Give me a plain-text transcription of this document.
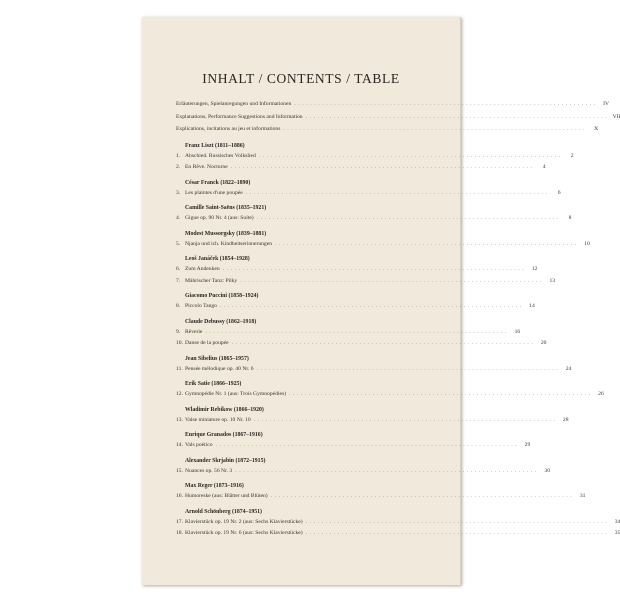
INHALT / CONTENTS / TABLE
Erläuterungen, Spielanregungen und Informationen . . . . . . . . . . . . . . . . . . . . . . . . . . . . . . . . . . . . . . . . . . . . . . . . . . . . . . . . . . . . . . . . . . . . . . . . . . . .	IV
Explanations, Performance Suggestions and Information . . . . . . . . . . . . . . . . . . . . . . . . . . . . . . . . . . . . . . . . . . . . . . . . . . . . . . . . . . . . . . . . . . . . . . . . . . . . VII
Explications, incitations au jeu et informations . . . . . . . . . . . . . . . . . . . . . . . . . . . . . . . . . . . . . . . . . . . . . . . . . . . . . . . . . . . . . . . . . . . . . . . . . . . .	X
Franz Liszt (1811–1886)
1. Abschied. Russisches Volkslied . . . . . . . . . . . . . . . . . . . . . . . . . . . . . . . . . . . . . . . . . . . . . . . . . . . . . . . . . . . . . . . . . . . . . . . . . . . .	2
2. En Rêve. Nocturne . . . . . . . . . . . . . . . . . . . . . . . . . . . . . . . . . . . . . . . . . . . . . . . . . . . . . . . . . . . . . . . . . . . . . . . . . . . .	4
César Franck (1822–1890)
3. Les plaintes d'une poupée . . . . . . . . . . . . . . . . . . . . . . . . . . . . . . . . . . . . . . . . . . . . . . . . . . . . . . . . . . . . . . . . . . . . . . . . . . . .	6
Camille Saint-Saëns (1835–1921)
4. Gigue op. 90 Nr. 4 (aus: Suite) . . . . . . . . . . . . . . . . . . . . . . . . . . . . . . . . . . . . . . . . . . . . . . . . . . . . . . . . . . . . . . . . . . . . . . . . . . . .	8
Modest Mussorgsky (1839–1881)
5. Njanja und ich. Kindheitserinnerungen . . . . . . . . . . . . . . . . . . . . . . . . . . . . . . . . . . . . . . . . . . . . . . . . . . . . . . . . . . . . . . . . . . . . . . . . . . . .	10
Leoš Janáček (1854–1928)
6. Zum Andenken . . . . . . . . . . . . . . . . . . . . . . . . . . . . . . . . . . . . . . . . . . . . . . . . . . . . . . . . . . . . . . . . . . . . . . . . . . . .	12
7. Mährischer Tanz: Pilky . . . . . . . . . . . . . . . . . . . . . . . . . . . . . . . . . . . . . . . . . . . . . . . . . . . . . . . . . . . . . . . . . . . . . . . . . . . .	13
Giacomo Puccini (1858–1924)
8. Piccolo Tango . . . . . . . . . . . . . . . . . . . . . . . . . . . . . . . . . . . . . . . . . . . . . . . . . . . . . . . . . . . . . . . . . . . . . . . . . . . .	14
Claude Debussy (1862–1918)
9. Rêverie . . . . . . . . . . . . . . . . . . . . . . . . . . . . . . . . . . . . . . . . . . . . . . . . . . . . . . . . . . . . . . . . . . . . . . . . . . . .	16
10. Danse de la poupée . . . . . . . . . . . . . . . . . . . . . . . . . . . . . . . . . . . . . . . . . . . . . . . . . . . . . . . . . . . . . . . . . . . . . . . . . . . .	20
Jean Sibelius (1865–1957)
11. Pensée mélodique op. 40 Nr. 6 . . . . . . . . . . . . . . . . . . . . . . . . . . . . . . . . . . . . . . . . . . . . . . . . . . . . . . . . . . . . . . . . . . . . . . . . . . . .	24
Erik Satie (1866–1925)
12. Gymnopédie Nr. 1 (aus: Trois Gymnopédies) . . . . . . . . . . . . . . . . . . . . . . . . . . . . . . . . . . . . . . . . . . . . . . . . . . . . . . . . . . . . . . . . . . . . . . . . . . . .	26
Wladimir Rebikow (1866–1920)
13. Valse miniature op. 10 Nr. 10 . . . . . . . . . . . . . . . . . . . . . . . . . . . . . . . . . . . . . . . . . . . . . . . . . . . . . . . . . . . . . . . . . . . . . . . . . . . .	28
Enrique Granados (1867–1916)
14. Vals poético . . . . . . . . . . . . . . . . . . . . . . . . . . . . . . . . . . . . . . . . . . . . . . . . . . . . . . . . . . . . . . . . . . . . . . . . . . . .	29
Alexander Skrjabin (1872–1915)
15. Nuances op. 56 Nr. 3 . . . . . . . . . . . . . . . . . . . . . . . . . . . . . . . . . . . . . . . . . . . . . . . . . . . . . . . . . . . . . . . . . . . . . . . . . . . .	30
Max Reger (1873–1916)
16. Humoreske (aus: Blätter und Blüten) . . . . . . . . . . . . . . . . . . . . . . . . . . . . . . . . . . . . . . . . . . . . . . . . . . . . . . . . . . . . . . . . . . . . . . . . . . . .	31
Arnold Schönberg (1874–1951)
17. Klavierstück op. 19 Nr. 2 (aus: Sechs Klavierstücke) . . . . . . . . . . . . . . . . . . . . . . . . . . . . . . . . . . . . . . . . . . . . . . . . . . . . . . . . . . . . . . . . . . . . . . . . . . . .	34
18. Klavierstück op. 19 Nr. 6 (aus: Sechs Klavierstücke) . . . . . . . . . . . . . . . . . . . . . . . . . . . . . . . . . . . . . . . . . . . . . . . . . . . . . . . . . . . . . . . . . . . . . . . . . . . .	35
